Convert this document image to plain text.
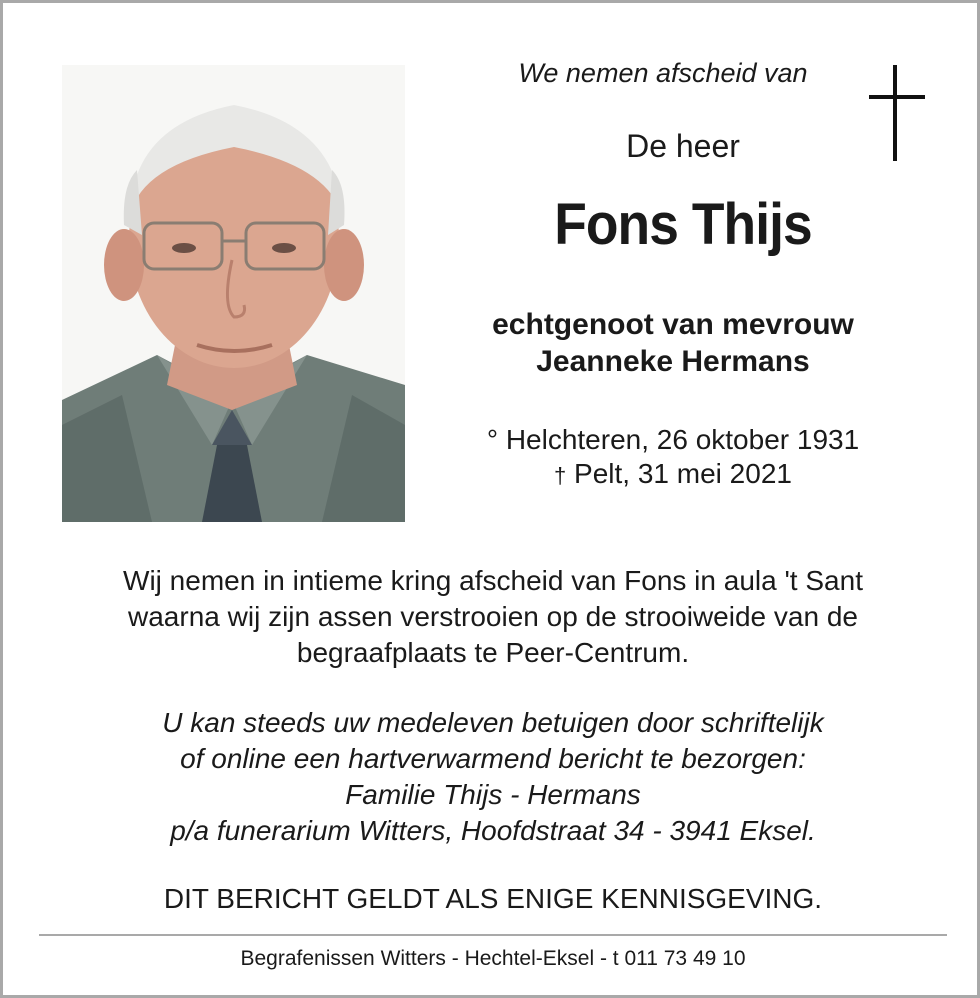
We nemen afscheid van
De heer
Fons Thijs
echtgenoot van mevrouw
Jeanneke Hermans
° Helchteren, 26 oktober 1931
† Pelt, 31 mei 2021
Wij nemen in intieme kring afscheid van Fons in aula 't Sant
waarna wij zijn assen verstrooien op de strooiweide van de
begraafplaats te Peer-Centrum.
U kan steeds uw medeleven betuigen door schriftelijk
of online een hartverwarmend bericht te bezorgen:
Familie Thijs - Hermans
p/a funerarium Witters, Hoofdstraat 34 - 3941 Eksel.
DIT BERICHT GELDT ALS ENIGE KENNISGEVING.
Begrafenissen Witters - Hechtel-Eksel - t 011 73 49 10
